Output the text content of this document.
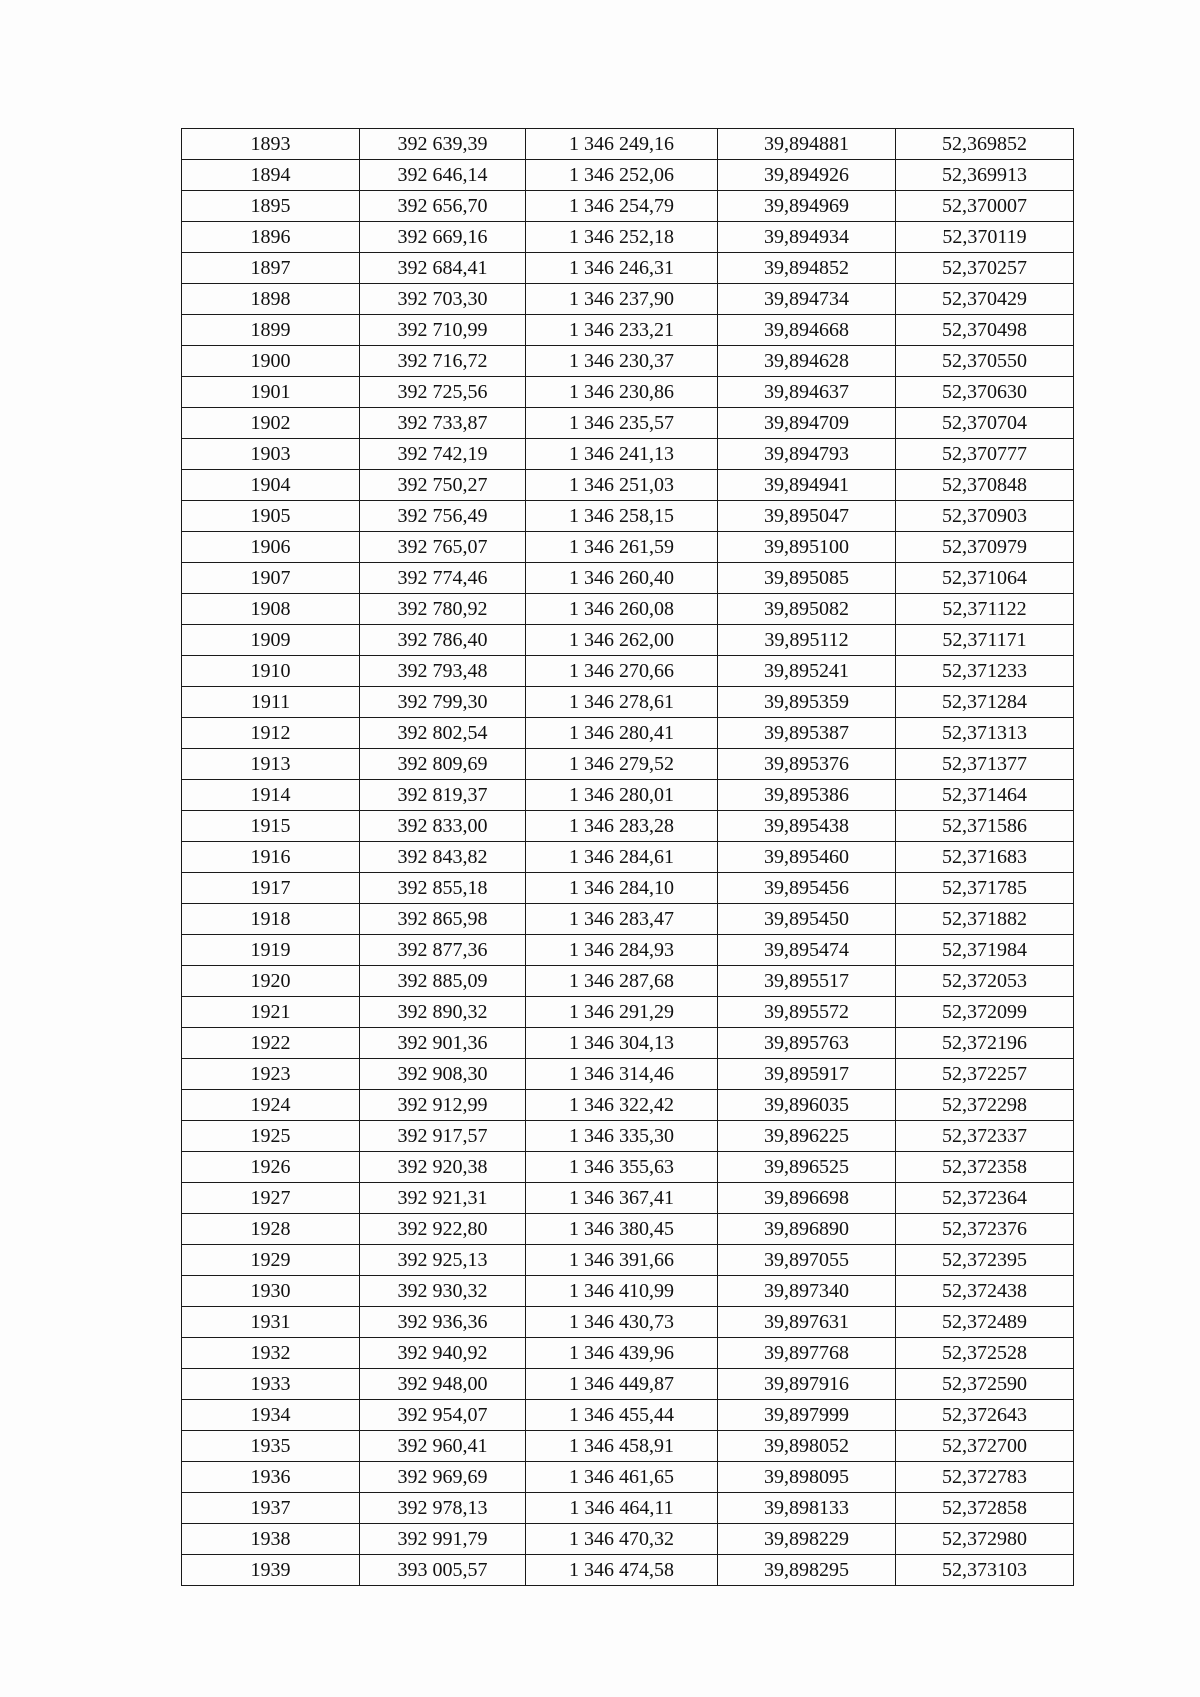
1893	392 639,39	1 346 249,16	39,894881	52,369852
1894	392 646,14	1 346 252,06	39,894926	52,369913
1895	392 656,70	1 346 254,79	39,894969	52,370007
1896	392 669,16	1 346 252,18	39,894934	52,370119
1897	392 684,41	1 346 246,31	39,894852	52,370257
1898	392 703,30	1 346 237,90	39,894734	52,370429
1899	392 710,99	1 346 233,21	39,894668	52,370498
1900	392 716,72	1 346 230,37	39,894628	52,370550
1901	392 725,56	1 346 230,86	39,894637	52,370630
1902	392 733,87	1 346 235,57	39,894709	52,370704
1903	392 742,19	1 346 241,13	39,894793	52,370777
1904	392 750,27	1 346 251,03	39,894941	52,370848
1905	392 756,49	1 346 258,15	39,895047	52,370903
1906	392 765,07	1 346 261,59	39,895100	52,370979
1907	392 774,46	1 346 260,40	39,895085	52,371064
1908	392 780,92	1 346 260,08	39,895082	52,371122
1909	392 786,40	1 346 262,00	39,895112	52,371171
1910	392 793,48	1 346 270,66	39,895241	52,371233
1911	392 799,30	1 346 278,61	39,895359	52,371284
1912	392 802,54	1 346 280,41	39,895387	52,371313
1913	392 809,69	1 346 279,52	39,895376	52,371377
1914	392 819,37	1 346 280,01	39,895386	52,371464
1915	392 833,00	1 346 283,28	39,895438	52,371586
1916	392 843,82	1 346 284,61	39,895460	52,371683
1917	392 855,18	1 346 284,10	39,895456	52,371785
1918	392 865,98	1 346 283,47	39,895450	52,371882
1919	392 877,36	1 346 284,93	39,895474	52,371984
1920	392 885,09	1 346 287,68	39,895517	52,372053
1921	392 890,32	1 346 291,29	39,895572	52,372099
1922	392 901,36	1 346 304,13	39,895763	52,372196
1923	392 908,30	1 346 314,46	39,895917	52,372257
1924	392 912,99	1 346 322,42	39,896035	52,372298
1925	392 917,57	1 346 335,30	39,896225	52,372337
1926	392 920,38	1 346 355,63	39,896525	52,372358
1927	392 921,31	1 346 367,41	39,896698	52,372364
1928	392 922,80	1 346 380,45	39,896890	52,372376
1929	392 925,13	1 346 391,66	39,897055	52,372395
1930	392 930,32	1 346 410,99	39,897340	52,372438
1931	392 936,36	1 346 430,73	39,897631	52,372489
1932	392 940,92	1 346 439,96	39,897768	52,372528
1933	392 948,00	1 346 449,87	39,897916	52,372590
1934	392 954,07	1 346 455,44	39,897999	52,372643
1935	392 960,41	1 346 458,91	39,898052	52,372700
1936	392 969,69	1 346 461,65	39,898095	52,372783
1937	392 978,13	1 346 464,11	39,898133	52,372858
1938	392 991,79	1 346 470,32	39,898229	52,372980
1939	393 005,57	1 346 474,58	39,898295	52,373103
